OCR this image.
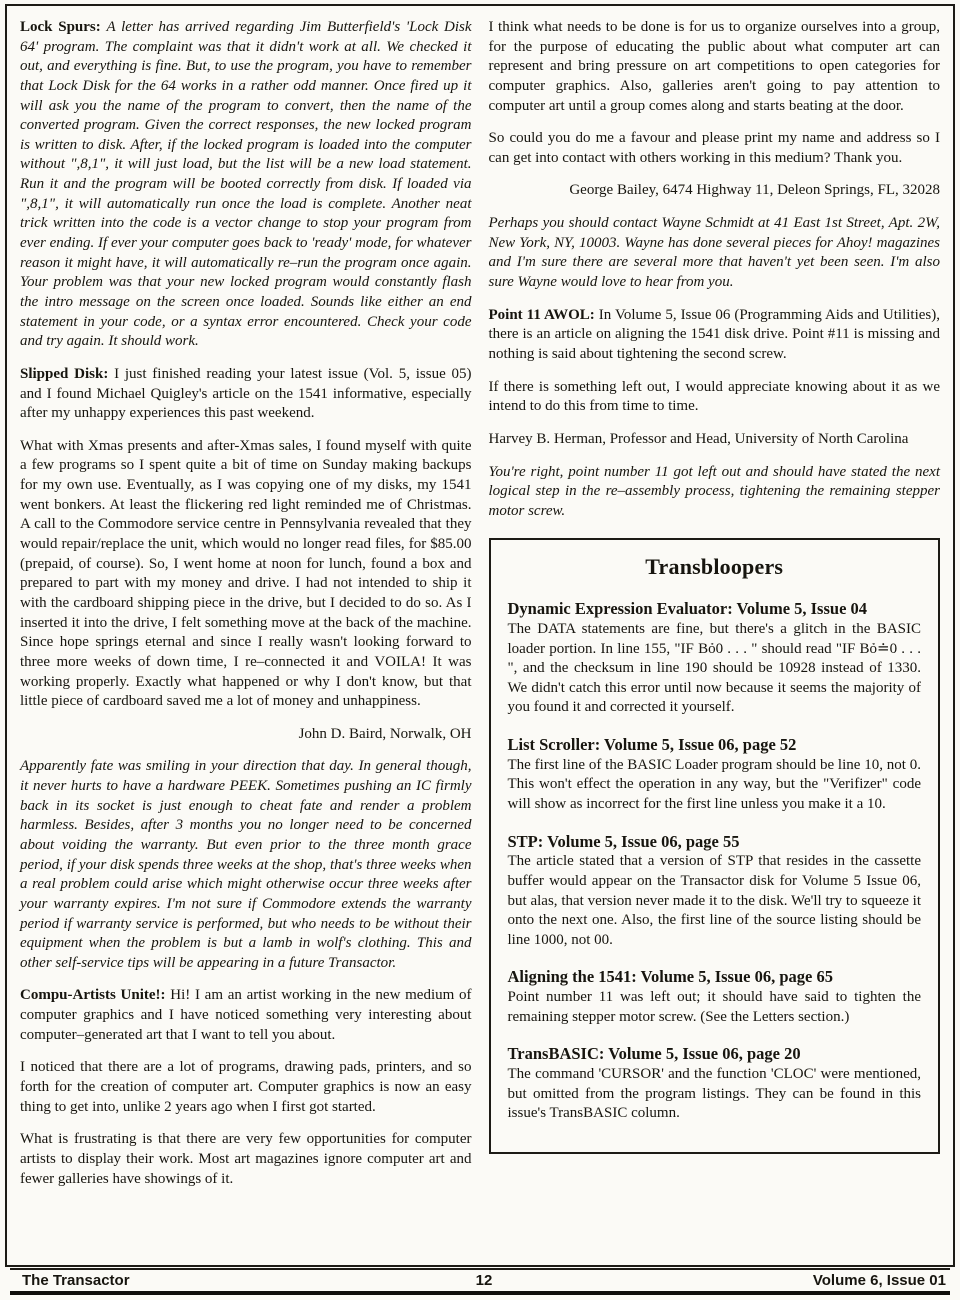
Lock Spurs: A letter has arrived regarding Jim Butterfield's 'Lock Disk 64' program. The complaint was that it didn't work at all. We checked it out, and everything is fine. But, to use the program, you have to remember that Lock Disk for the 64 works in a rather odd manner. Once fired up it will ask you the name of the program to convert, then the name of the converted program. Given the correct responses, the new locked program is written to disk. After, if the locked program is loaded into the computer without ",8,1", it will just load, but the list will be a new load statement. Run it and the program will be booted correctly from disk. If loaded via ",8,1", it will automatically run once the load is complete. Another neat trick written into the code is a vector change to stop your program from ever ending. If ever your computer goes back to 'ready' mode, for whatever reason it might have, it will automatically re–run the program once again. Your problem was that your new locked program would constantly flash the intro message on the screen once loaded. Sounds like either an end statement in your code, or a syntax error encountered. Check your code and try again. It should work.

Slipped Disk: I just finished reading your latest issue (Vol. 5, issue 05) and I found Michael Quigley's article on the 1541 informative, especially after my unhappy experiences this past weekend.

What with Xmas presents and after-Xmas sales, I found myself with quite a few programs so I spent quite a bit of time on Sunday making backups for my own use. Eventually, as I was copying one of my disks, my 1541 went bonkers. At least the flickering red light reminded me of Christmas. A call to the Commodore service centre in Pennsylvania revealed that they would repair/replace the unit, which would no longer read files, for $85.00 (prepaid, of course). So, I went home at noon for lunch, found a box and prepared to part with my money and drive. I had not intended to ship it with the cardboard shipping piece in the drive, but I decided to do so. As I inserted it into the drive, I felt something move at the back of the machine. Since hope springs eternal and since I really wasn't looking forward to three more weeks of down time, I re–connected it and VOILA! It was working properly. Exactly what happened or why I don't know, but that little piece of cardboard saved me a lot of money and unhappiness.

John D. Baird, Norwalk, OH

Apparently fate was smiling in your direction that day. In general though, it never hurts to have a hardware PEEK. Sometimes pushing an IC firmly back in its socket is just enough to cheat fate and render a problem harmless. Besides, after 3 months you no longer need to be concerned about voiding the warranty. But even prior to the three month grace period, if your disk spends three weeks at the shop, that's three weeks when a real problem could arise which might otherwise occur three weeks after your warranty expires. I'm not sure if Commodore extends the warranty period if warranty service is performed, but who needs to be without their equipment when the problem is but a lamb in wolf's clothing. This and other self-service tips will be appearing in a future Transactor.

Compu-Artists Unite!: Hi! I am an artist working in the new medium of computer graphics and I have noticed something very interesting about computer–generated art that I want to tell you about.

I noticed that there are a lot of programs, drawing pads, printers, and so forth for the creation of computer art. Computer graphics is now an easy thing to get into, unlike 2 years ago when I first got started.

What is frustrating is that there are very few opportunities for computer artists to display their work. Most art magazines ignore computer art and fewer galleries have showings of it.

I think what needs to be done is for us to organize ourselves into a group, for the purpose of educating the public about what computer art can represent and bring pressure on art competitions to open categories for computer graphics. Also, galleries aren't going to pay attention to computer art until a group comes along and starts beating at the door.

So could you do me a favour and please print my name and address so I can get into contact with others working in this medium? Thank you.

George Bailey, 6474 Highway 11, Deleon Springs, FL, 32028

Perhaps you should contact Wayne Schmidt at 41 East 1st Street, Apt. 2W, New York, NY, 10003. Wayne has done several pieces for Ahoy! magazines and I'm sure there are several more that haven't yet been seen. I'm also sure Wayne would love to hear from you.

Point 11 AWOL: In Volume 5, Issue 06 (Programming Aids and Utilities), there is an article on aligning the 1541 disk drive. Point #11 is missing and nothing is said about tightening the second screw.

If there is something left out, I would appreciate knowing about it as we intend to do this from time to time.

Harvey B. Herman, Professor and Head, University of North Carolina

You're right, point number 11 got left out and should have stated the next logical step in the re–assembly process, tightening the remaining stepper motor screw.

Transbloopers
Dynamic Expression Evaluator: Volume 5, Issue 04

The DATA statements are fine, but there's a glitch in the BASIC loader portion. In line 155, "IF Bỏ0 . . . " should read "IF Bỏ≐0 . . . ", and the checksum in line 190 should be 10928 instead of 1330. We didn't catch this error until now because it seems the majority of you found it and corrected it yourself.

List Scroller: Volume 5, Issue 06, page 52

The first line of the BASIC Loader program should be line 10, not 0. This won't effect the operation in any way, but the "Verifizer" code will show as incorrect for the first line unless you make it a 10.

STP: Volume 5, Issue 06, page 55

The article stated that a version of STP that resides in the cassette buffer would appear on the Transactor disk for Volume 5 Issue 06, but alas, that version never made it to the disk. We'll try to squeeze it onto the next one. Also, the first line of the source listing should be line 1000, not 00.

Aligning the 1541: Volume 5, Issue 06, page 65

Point number 11 was left out; it should have said to tighten the remaining stepper motor screw. (See the Letters section.)

TransBASIC: Volume 5, Issue 06, page 20

The command 'CURSOR' and the function 'CLOC' were mentioned, but omitted from the program listings. They can be found in this issue's TransBASIC column.

The Transactor	12	Volume 6, Issue 01
